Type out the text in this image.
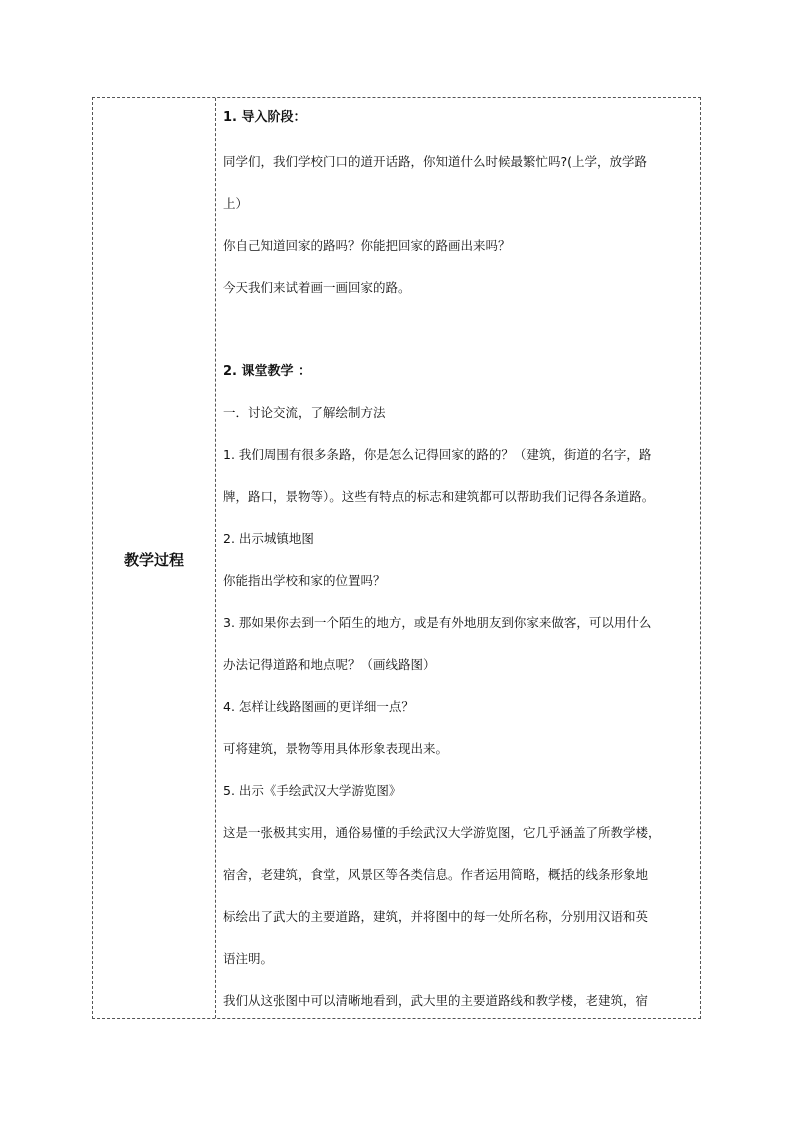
教学过程
1. 导入阶段：
同学们，我们学校门口的道开话路，你知道什么时候最繁忙吗?(上学，放学路
上）
你自己知道回家的路吗？你能把回家的路画出来吗？
今天我们来试着画一画回家的路。
2. 课堂教学 ：
一．讨论交流，了解绘制方法
1. 我们周围有很多条路，你是怎么记得回家的路的？（建筑，街道的名字，路
牌，路口，景物等）。这些有特点的标志和建筑都可以帮助我们记得各条道路。
2. 出示城镇地图
你能指出学校和家的位置吗？
3. 那如果你去到一个陌生的地方，或是有外地朋友到你家来做客，可以用什么
办法记得道路和地点呢？（画线路图）
4. 怎样让线路图画的更详细一点？
可将建筑，景物等用具体形象表现出来。
5. 出示《手绘武汉大学游览图》
这是一张极其实用，通俗易懂的手绘武汉大学游览图，它几乎涵盖了所教学楼，
宿舍，老建筑，食堂，风景区等各类信息。作者运用简略，概括的线条形象地
标绘出了武大的主要道路，建筑，并将图中的每一处所名称，分别用汉语和英
语注明。
我们从这张图中可以清晰地看到，武大里的主要道路线和教学楼，老建筑，宿
